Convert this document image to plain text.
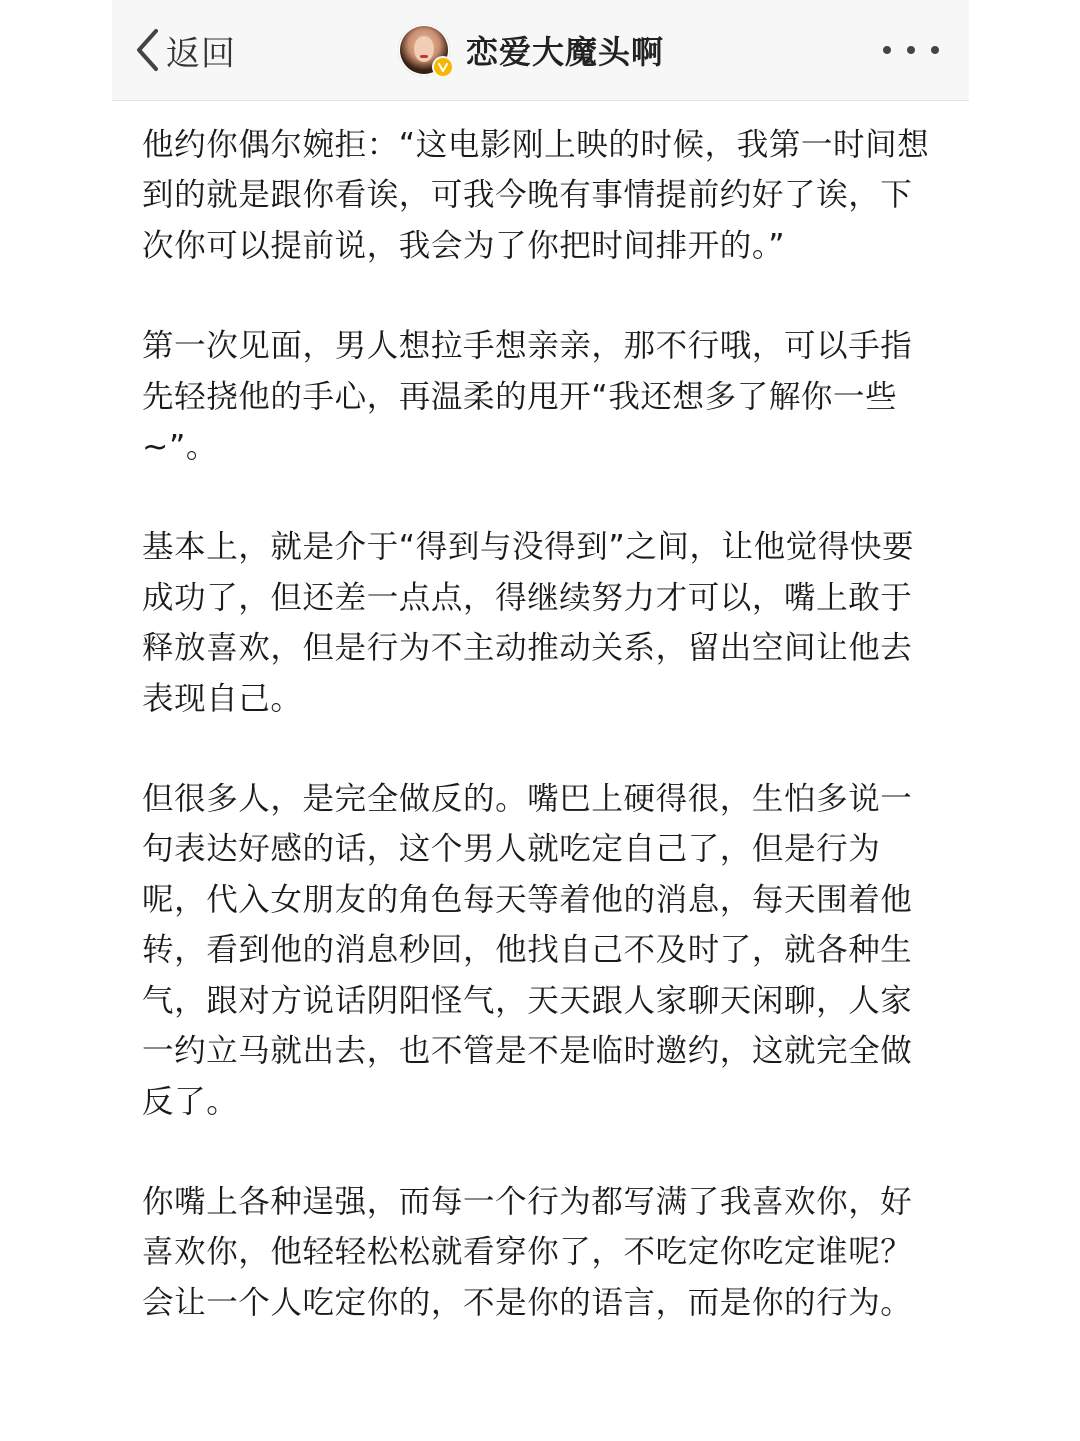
返回	恋爱大魔头啊

他约你偶尔婉拒：“这电影刚上映的时候，我第一时间想到的就是跟你看诶，可我今晚有事情提前约好了诶，下次你可以提前说，我会为了你把时间排开的。”

第一次见面，男人想拉手想亲亲，那不行哦，可以手指先轻挠他的手心，再温柔的甩开“我还想多了解你一些~”。

基本上，就是介于“得到与没得到”之间，让他觉得快要成功了，但还差一点点，得继续努力才可以，嘴上敢于释放喜欢，但是行为不主动推动关系，留出空间让他去表现自己。

但很多人，是完全做反的。嘴巴上硬得很，生怕多说一句表达好感的话，这个男人就吃定自己了，但是行为呢，代入女朋友的角色每天等着他的消息，每天围着他转，看到他的消息秒回，他找自己不及时了，就各种生气，跟对方说话阴阳怪气，天天跟人家聊天闲聊，人家一约立马就出去，也不管是不是临时邀约，这就完全做反了。

你嘴上各种逞强，而每一个行为都写满了我喜欢你，好喜欢你，他轻轻松松就看穿你了，不吃定你吃定谁呢？会让一个人吃定你的，不是你的语言，而是你的行为。
